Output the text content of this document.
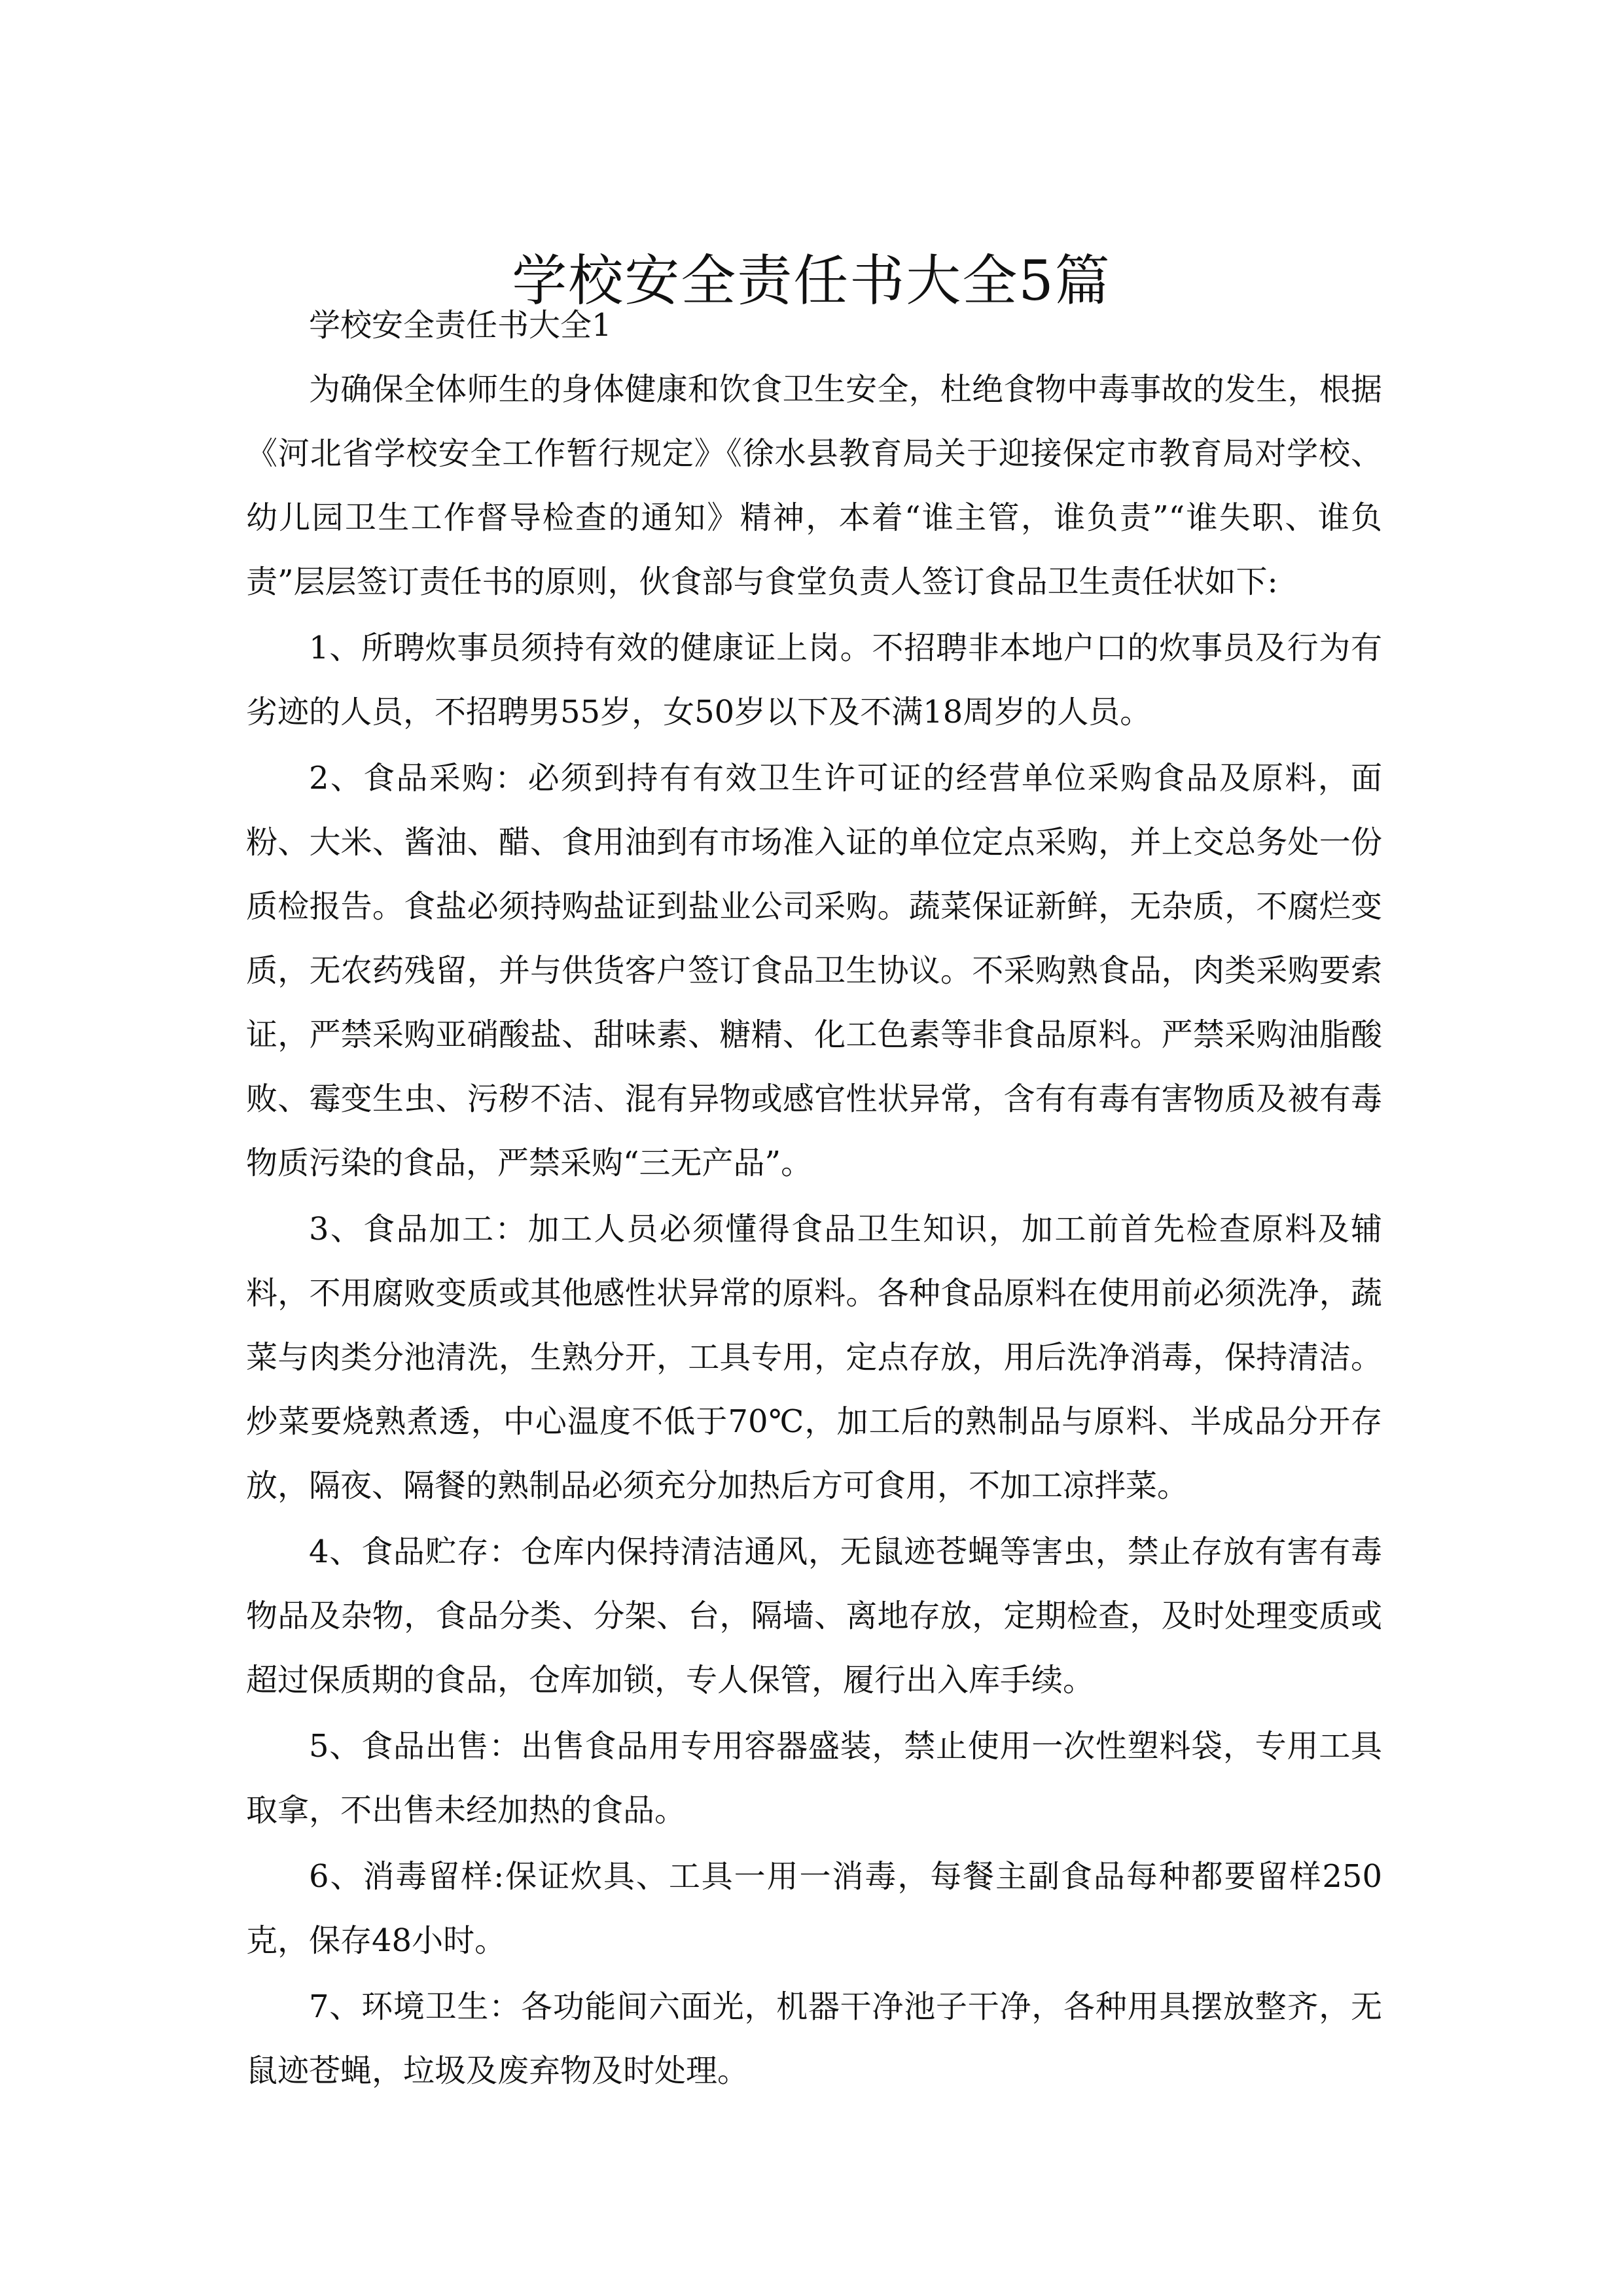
学校安全责任书大全5篇

学校安全责任书大全1

为确保全体师生的身体健康和饮食卫生安全，杜绝食物中毒事故的发生，根据《河北省学校安全工作暂行规定》《徐水县教育局关于迎接保定市教育局对学校、幼儿园卫生工作督导检查的通知》精神，本着“谁主管，谁负责”“谁失职、谁负责”层层签订责任书的原则，伙食部与食堂负责人签订食品卫生责任状如下:

1、所聘炊事员须持有效的健康证上岗。不招聘非本地户口的炊事员及行为有劣迹的人员，不招聘男55岁，女50岁以下及不满18周岁的人员。

2、食品采购：必须到持有有效卫生许可证的经营单位采购食品及原料，面粉、大米、酱油、醋、食用油到有市场准入证的单位定点采购，并上交总务处一份质检报告。食盐必须持购盐证到盐业公司采购。蔬菜保证新鲜，无杂质，不腐烂变质，无农药残留，并与供货客户签订食品卫生协议。不采购熟食品，肉类采购要索证，严禁采购亚硝酸盐、甜味素、糖精、化工色素等非食品原料。严禁采购油脂酸败、霉变生虫、污秽不洁、混有异物或感官性状异常，含有有毒有害物质及被有毒物质污染的食品，严禁采购“三无产品”。

3、食品加工：加工人员必须懂得食品卫生知识，加工前首先检查原料及辅料，不用腐败变质或其他感性状异常的原料。各种食品原料在使用前必须洗净，蔬菜与肉类分池清洗，生熟分开，工具专用，定点存放，用后洗净消毒，保持清洁。炒菜要烧熟煮透，中心温度不低于70℃，加工后的熟制品与原料、半成品分开存放，隔夜、隔餐的熟制品必须充分加热后方可食用，不加工凉拌菜。

4、食品贮存：仓库内保持清洁通风，无鼠迹苍蝇等害虫，禁止存放有害有毒物品及杂物，食品分类、分架、台，隔墙、离地存放，定期检查，及时处理变质或超过保质期的食品，仓库加锁，专人保管，履行出入库手续。

5、食品出售：出售食品用专用容器盛装，禁止使用一次性塑料袋，专用工具取拿，不出售未经加热的食品。

6、消毒留样:保证炊具、工具一用一消毒，每餐主副食品每种都要留样250克，保存48小时。

7、环境卫生：各功能间六面光，机器干净池子干净，各种用具摆放整齐，无鼠迹苍蝇，垃圾及废弃物及时处理。
